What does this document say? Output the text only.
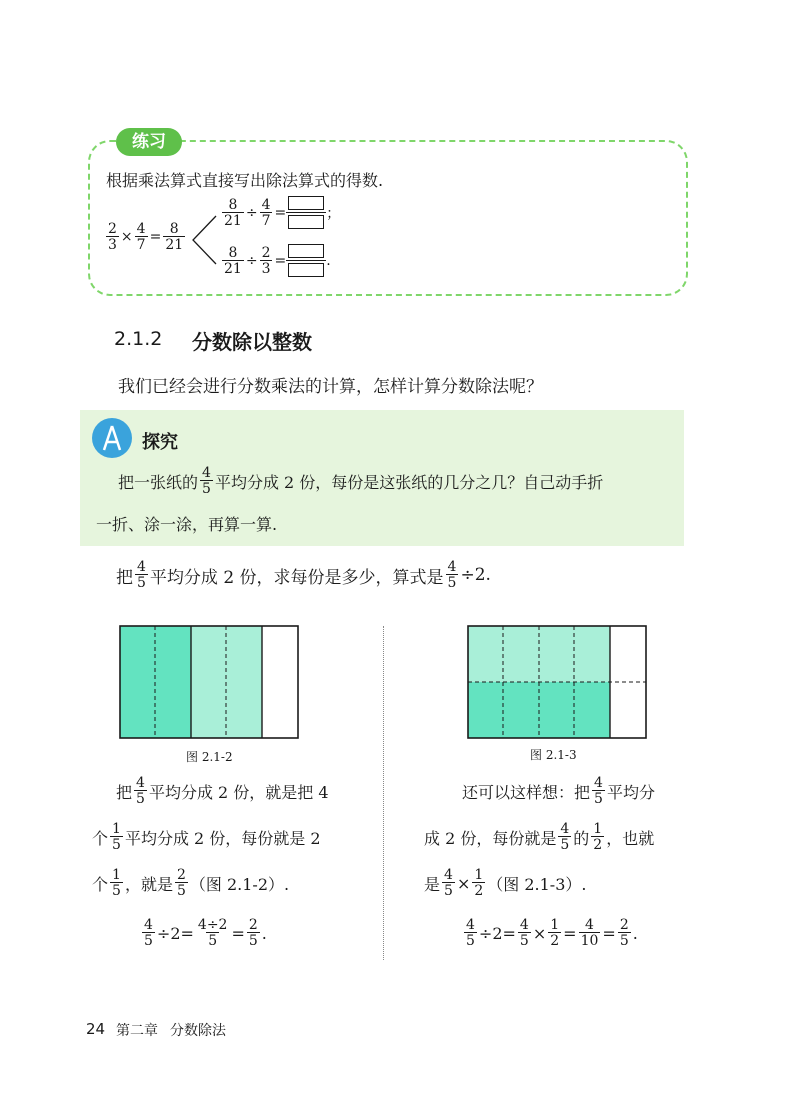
练习
根据乘法算式直接写出除法算式的得数.
$\frac{2}{3} \times \frac{4}{7} = \frac{8}{21}$
$\frac{8}{21} \div \frac{4}{7}$ =	；
$\frac{8}{21} \div \frac{2}{3}$ =	.
2.1.2 分数除以整数
我们已经会进行分数乘法的计算，怎样计算分数除法呢？
探究
把一张纸的 $\frac{4}{5}$ 平均分成 2 份，每份是这张纸的几分之几？自己动手折
一折、涂一涂，再算一算.
把 $\frac{4}{5}$ 平均分成 2 份，求每份是多少，算式是 $\frac{4}{5} \div 2$.
图 2.1-2	图 2.1-3
把 $\frac{4}{5}$ 平均分成 2 份，就是把 4
个 $\frac{1}{5}$ 平均分成 2 份，每份就是 2
个 $\frac{1}{5}$ ，就是 $\frac{2}{5}$ （图 2.1-2）.
$\frac{4}{5} \div 2= \frac{4\div 2}{5} = \frac{2}{5}$ .
还可以这样想：把 $\frac{4}{5}$ 平均分
成 2 份，每份就是 $\frac{4}{5}$ 的 $\frac{1}{2}$ ，也就
是 $\frac{4}{5} \times \frac{1}{2}$ （图 2.1-3）.
$\frac{4}{5} \div 2= \frac{4}{5} \times \frac{1}{2} = \frac{4}{10} = \frac{2}{5}$ .
24 第二章 分数除法
